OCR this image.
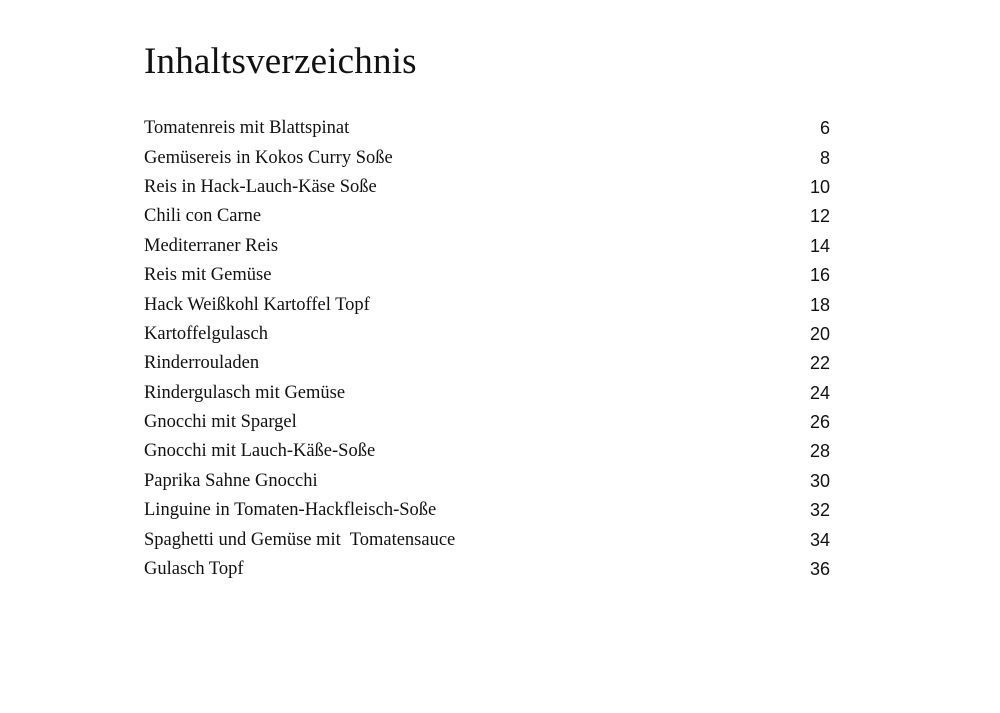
Inhaltsverzeichnis
Tomatenreis mit Blattspinat	6
Gemüsereis in Kokos Curry Soße	8
Reis in Hack-Lauch-Käse Soße	10
Chili con Carne	12
Mediterraner Reis	14
Reis mit Gemüse	16
Hack Weißkohl Kartoffel Topf	18
Kartoffelgulasch	20
Rinderrouladen	22
Rindergulasch mit Gemüse	24
Gnocchi mit Spargel	26
Gnocchi mit Lauch-Käße-Soße	28
Paprika Sahne Gnocchi	30
Linguine in Tomaten-Hackfleisch-Soße	32
Spaghetti und Gemüse mit  Tomatensauce	34
Gulasch Topf	36
